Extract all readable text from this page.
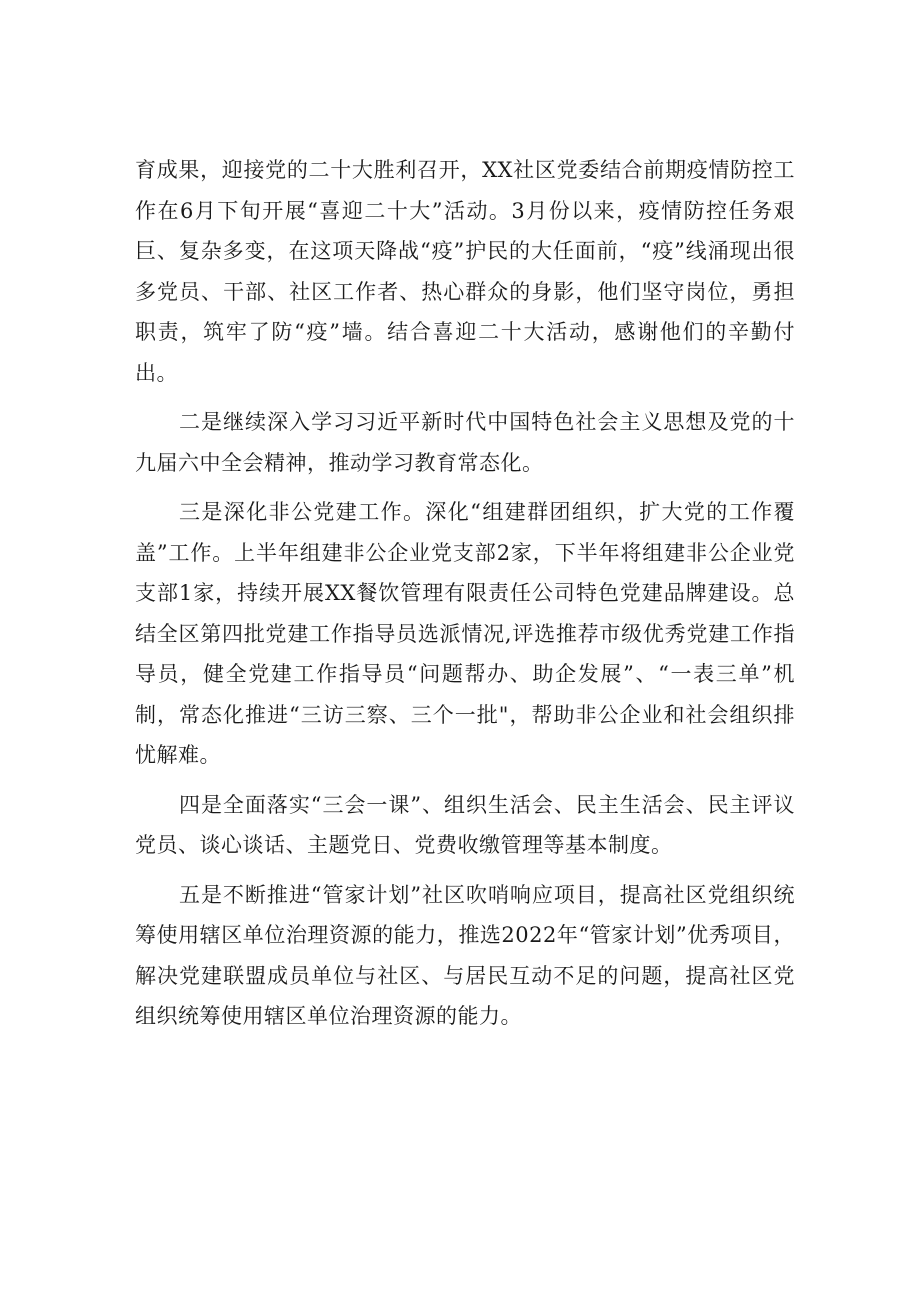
育成果，迎接党的二十大胜利召开，XX社区党委结合前期疫情防控工作在6月下旬开展“喜迎二十大”活动。3月份以来，疫情防控任务艰巨、复杂多变，在这项天降战“疫”护民的大任面前，“疫”线涌现出很多党员、干部、社区工作者、热心群众的身影，他们坚守岗位，勇担职责，筑牢了防“疫”墙。结合喜迎二十大活动，感谢他们的辛勤付出。

二是继续深入学习习近平新时代中国特色社会主义思想及党的十九届六中全会精神，推动学习教育常态化。

三是深化非公党建工作。深化“组建群团组织，扩大党的工作覆盖”工作。上半年组建非公企业党支部2家，下半年将组建非公企业党支部1家，持续开展XX餐饮管理有限责任公司特色党建品牌建设。总结全区第四批党建工作指导员选派情况,评选推荐市级优秀党建工作指导员，健全党建工作指导员“问题帮办、助企发展”、“一表三单”机制，常态化推进“三访三察、三个一批"，帮助非公企业和社会组织排忧解难。

四是全面落实“三会一课”、组织生活会、民主生活会、民主评议党员、谈心谈话、主题党日、党费收缴管理等基本制度。

五是不断推进“管家计划”社区吹哨响应项目，提高社区党组织统筹使用辖区单位治理资源的能力，推选2022年“管家计划”优秀项目，解决党建联盟成员单位与社区、与居民互动不足的问题，提高社区党组织统筹使用辖区单位治理资源的能力。
